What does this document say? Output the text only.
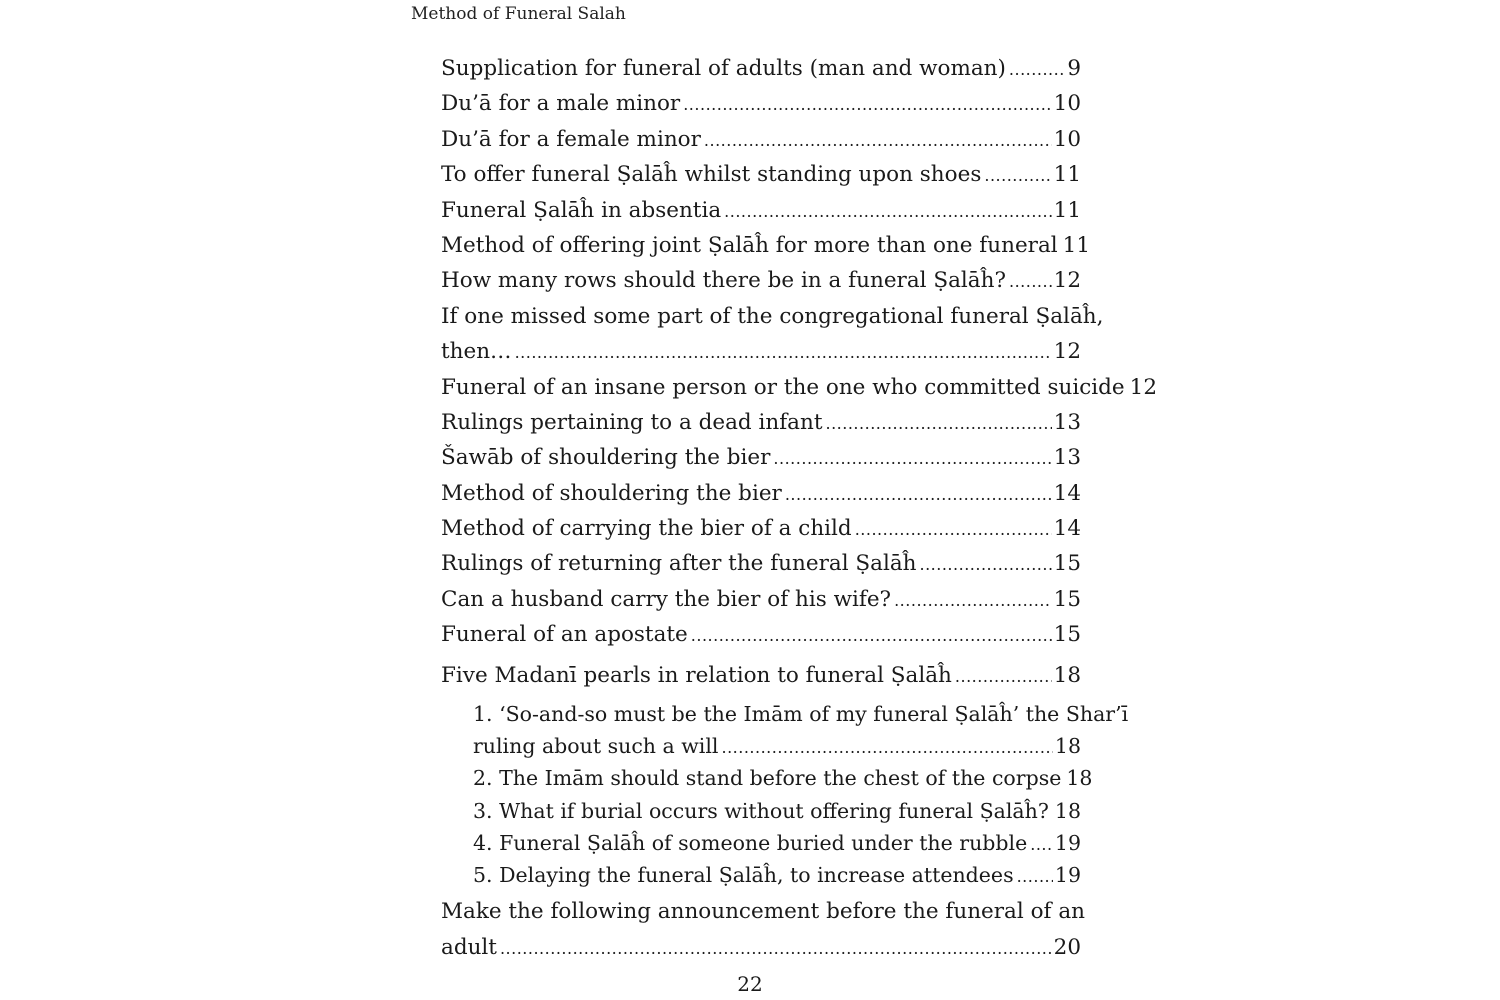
Method of Funeral Salah
Supplication for funeral of adults (man and woman) .....	9
Du’ā for a male minor .....	10
Du’ā for a female minor .....	10
To offer funeral Ṣalāĥ whilst standing upon shoes .....	11
Funeral Ṣalāĥ in absentia .....	11
Method of offering joint Ṣalāĥ for more than one funeral 11
How many rows should there be in a funeral Ṣalāĥ? ..... 12
If one missed some part of the congregational funeral Ṣalāĥ,
then… .....	12
Funeral of an insane person or the one who committed suicide 12
Rulings pertaining to a dead infant .....	13
Šawāb of shouldering the bier .....	13
Method of shouldering the bier .....	14
Method of carrying the bier of a child .....	14
Rulings of returning after the funeral Ṣalāĥ .....	15
Can a husband carry the bier of his wife? .....	15
Funeral of an apostate .....	15
Five Madanī pearls in relation to funeral Ṣalāĥ .....	18
1. ‘So-and-so must be the Imām of my funeral Ṣalāĥ’ the Shar’ī
ruling about such a will .....	18
2. The Imām should stand before the chest of the corpse 18
3. What if burial occurs without offering funeral Ṣalāĥ? ..... 18
4. Funeral Ṣalāĥ of someone buried under the rubble ..... 19
5. Delaying the funeral Ṣalāĥ, to increase attendees ..... 19
Make the following announcement before the funeral of an
adult .....	20
22
